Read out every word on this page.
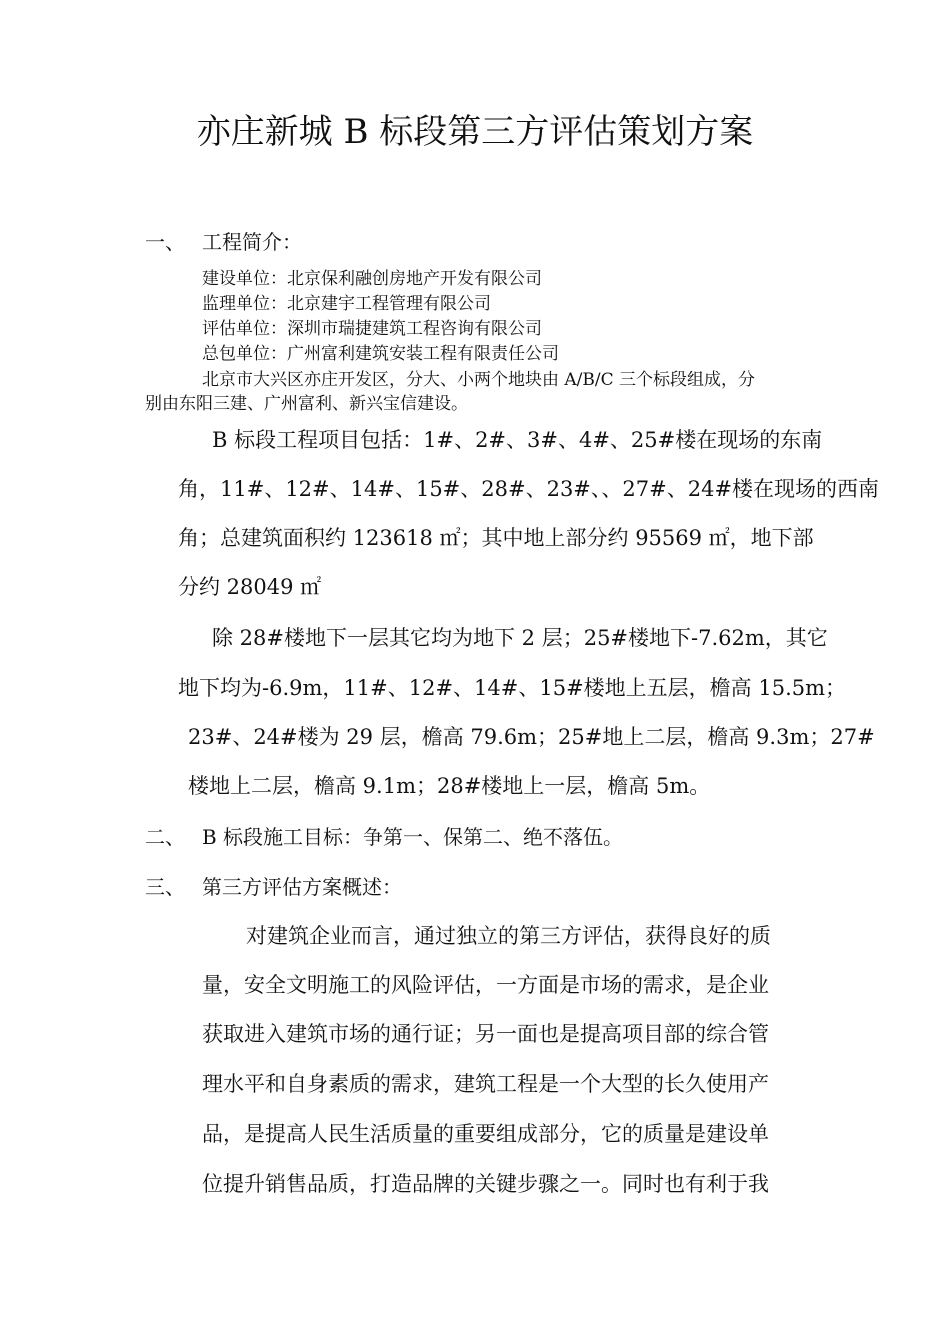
亦庄新城 B 标段第三方评估策划方案
一、 工程简介：
建设单位：北京保利融创房地产开发有限公司
监理单位：北京建宇工程管理有限公司
评估单位：深圳市瑞捷建筑工程咨询有限公司
总包单位：广州富利建筑安装工程有限责任公司
北京市大兴区亦庄开发区，分大、小两个地块由 A/B/C 三个标段组成，分
别由东阳三建、广州富利、新兴宝信建设。
B 标段工程项目包括：1#、2#、3#、4#、25#楼在现场的东南
角，11#、12#、14#、15#、28#、23#、、27#、24#楼在现场的西南
角；总建筑面积约 123618 ㎡；其中地上部分约 95569 ㎡，地下部
分约 28049 ㎡
除 28#楼地下一层其它均为地下 2 层；25#楼地下-7.62m，其它
地下均为-6.9m，11#、12#、14#、15#楼地上五层，檐高 15.5m；
23#、24#楼为 29 层，檐高 79.6m；25#地上二层，檐高 9.3m；27#
楼地上二层，檐高 9.1m；28#楼地上一层，檐高 5m。
二、 B 标段施工目标：争第一、保第二、绝不落伍。
三、 第三方评估方案概述：
对建筑企业而言，通过独立的第三方评估，获得良好的质
量，安全文明施工的风险评估，一方面是市场的需求，是企业
获取进入建筑市场的通行证；另一面也是提高项目部的综合管
理水平和自身素质的需求，建筑工程是一个大型的长久使用产
品，是提高人民生活质量的重要组成部分，它的质量是建设单
位提升销售品质，打造品牌的关键步骤之一。同时也有利于我
